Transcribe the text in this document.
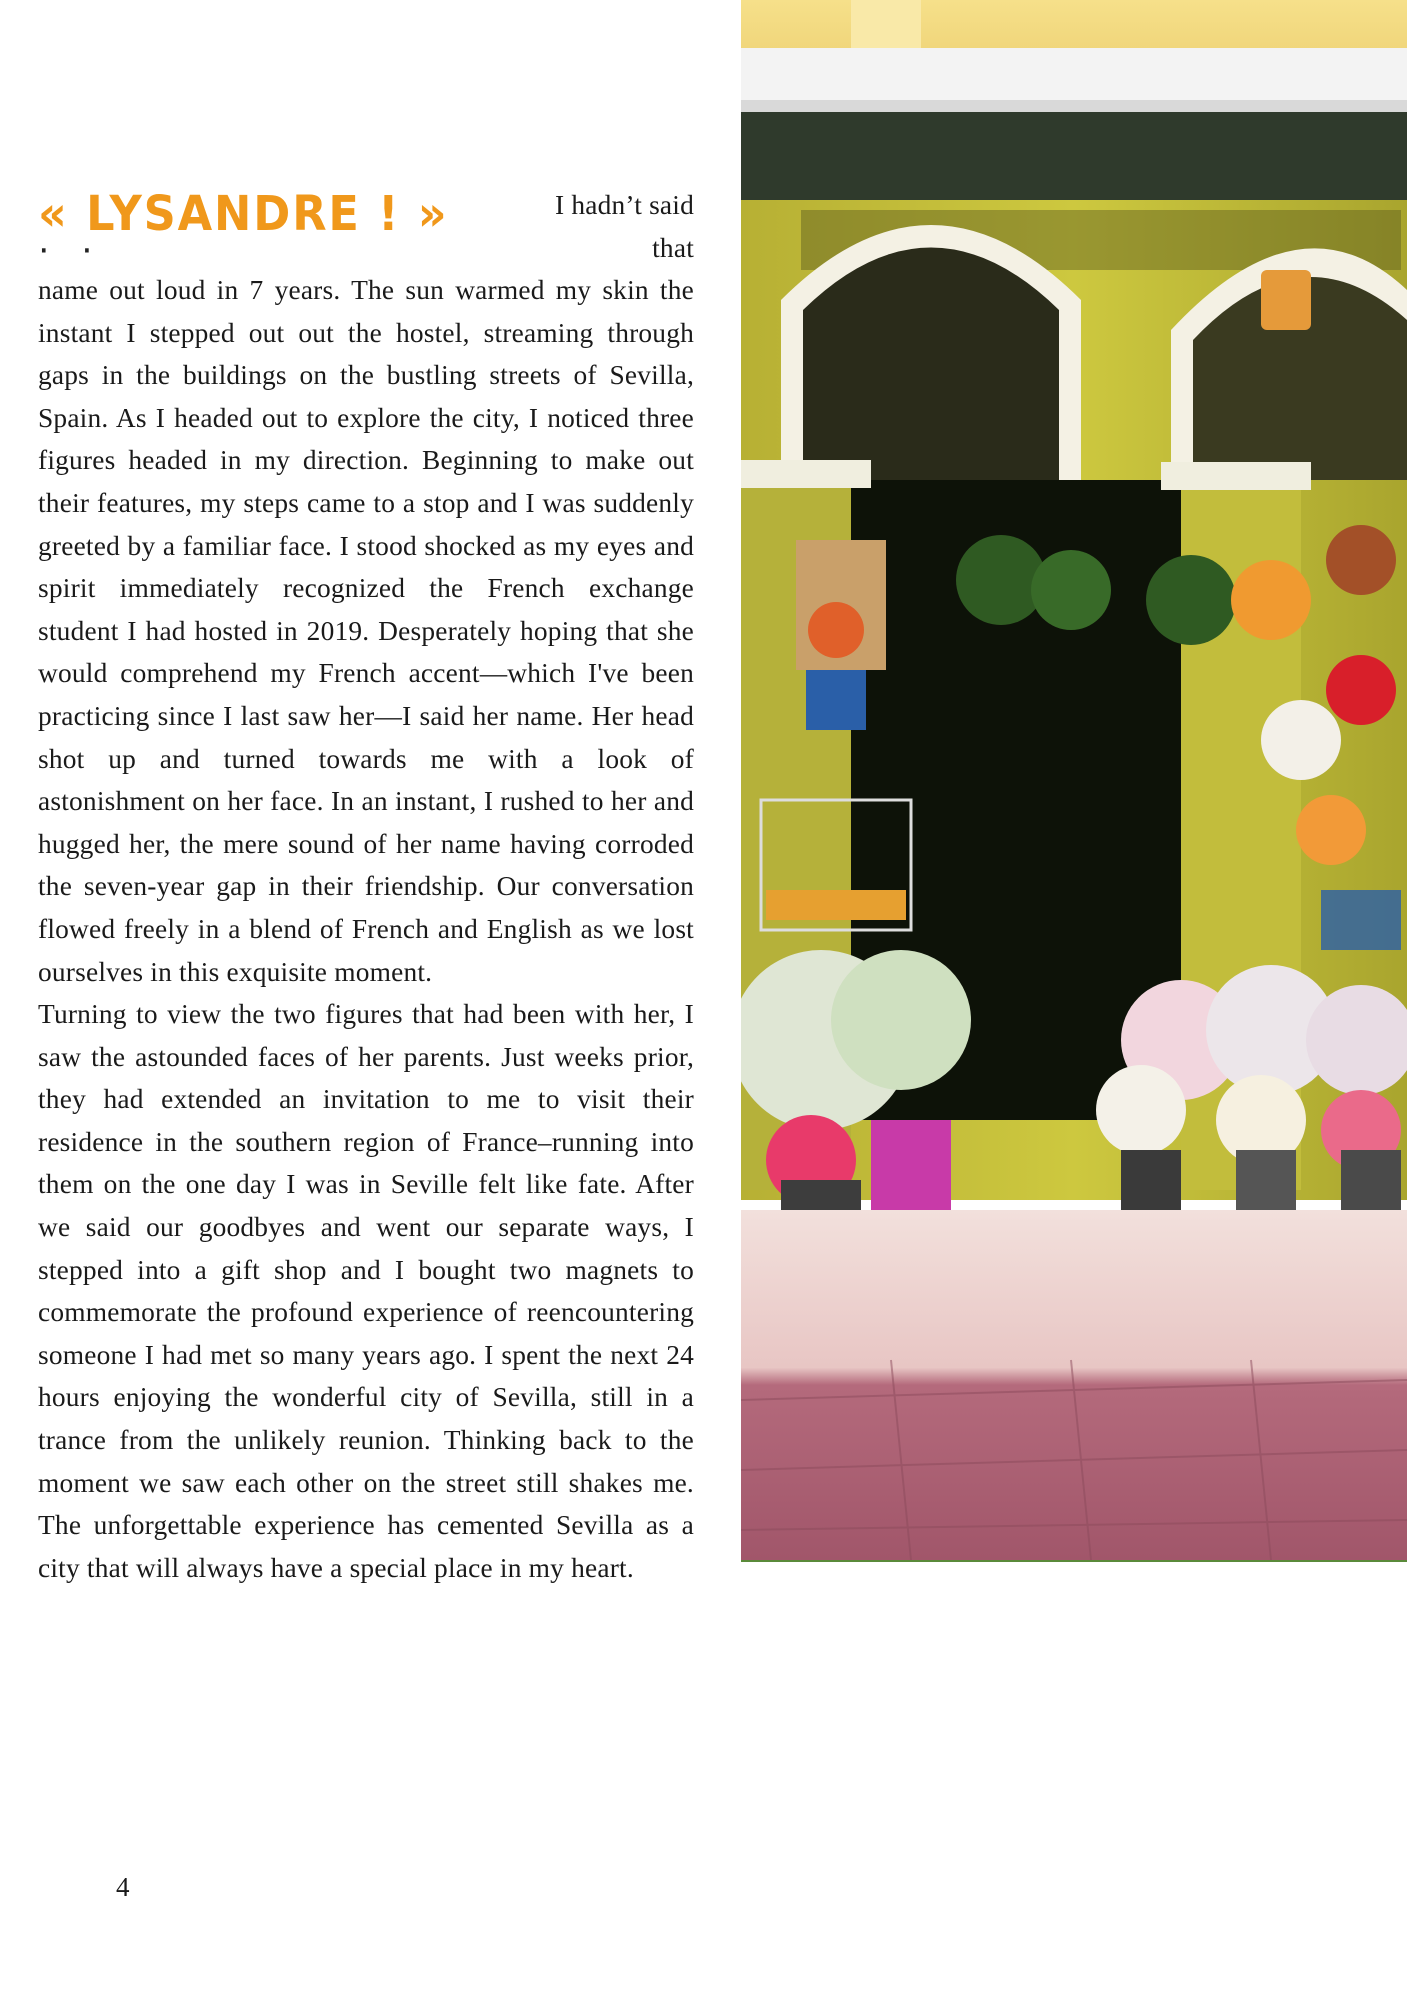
« LYSANDRE ! »
··
I hadn’t said
that

name out loud in 7 years. The sun warmed my skin the instant I stepped out out the hostel, streaming through gaps in the buildings on the bustling streets of Sevilla, Spain. As I headed out to explore the city, I noticed three figures headed in my direction. Beginning to make out their features, my steps came to a stop and I was suddenly greeted by a familiar face. I stood shocked as my eyes and spirit immediately recognized the French exchange student I had hosted in 2019. Desperately hoping that she would comprehend my French accent—which I've been practicing since I last saw her—I said her name. Her head shot up and turned towards me with a look of astonishment on her face. In an instant, I rushed to her and hugged her, the mere sound of her name having corroded the seven-year gap in their friendship. Our conversation flowed freely in a blend of French and English as we lost ourselves in this exquisite moment.

Turning to view the two figures that had been with her, I saw the astounded faces of her parents. Just weeks prior, they had extended an invitation to me to visit their residence in the southern region of France–running into them on the one day I was in Seville felt like fate. After we said our goodbyes and went our separate ways, I stepped into a gift shop and I bought two magnets to commemorate the profound experience of reencountering someone I had met so many years ago. I spent the next 24 hours enjoying the wonderful city of Sevilla, still in a trance from the unlikely reunion. Thinking back to the moment we saw each other on the street still shakes me. The unforgettable experience has cemented Sevilla as a city that will always have a special place in my heart.

4
